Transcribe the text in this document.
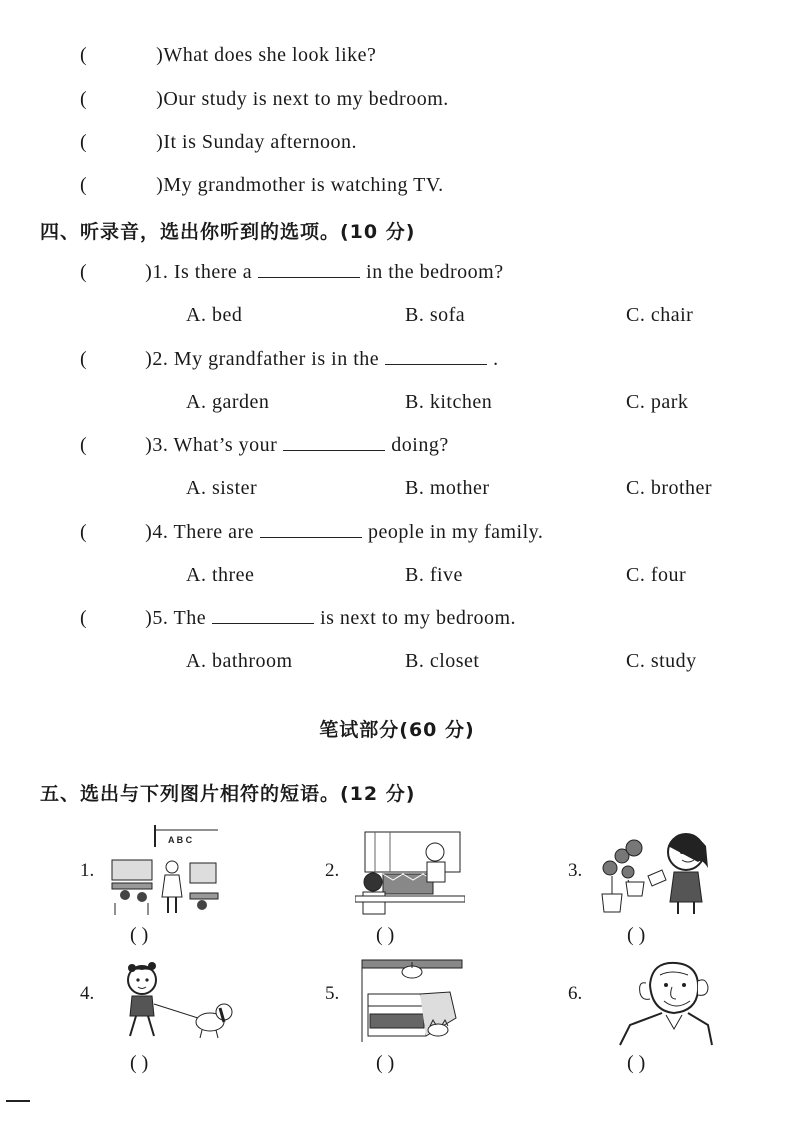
(	)What does she look like?
(	)Our study is next to my bedroom.
(	)It is Sunday afternoon.
(	)My grandmother is watching TV.
四、听录音，选出你听到的选项。(10 分)
(	)1. Is there a	in the bedroom?
A. bed	B. sofa	C. chair
(	)2. My grandfather is in the	.
A. garden	B. kitchen	C. park
(	)3. What’s your	doing?
A. sister	B. mother	C. brother
(	)4. There are	people in my family.
A. three	B. five	C. four
(	)5. The	is next to my bedroom.
A. bathroom	B. closet	C. study
笔试部分(60 分)
五、选出与下列图片相符的短语。(12 分)
1.
A B C
( )
2.
( )
3.
( )
4.
( )
5.
( )
6.
( )
